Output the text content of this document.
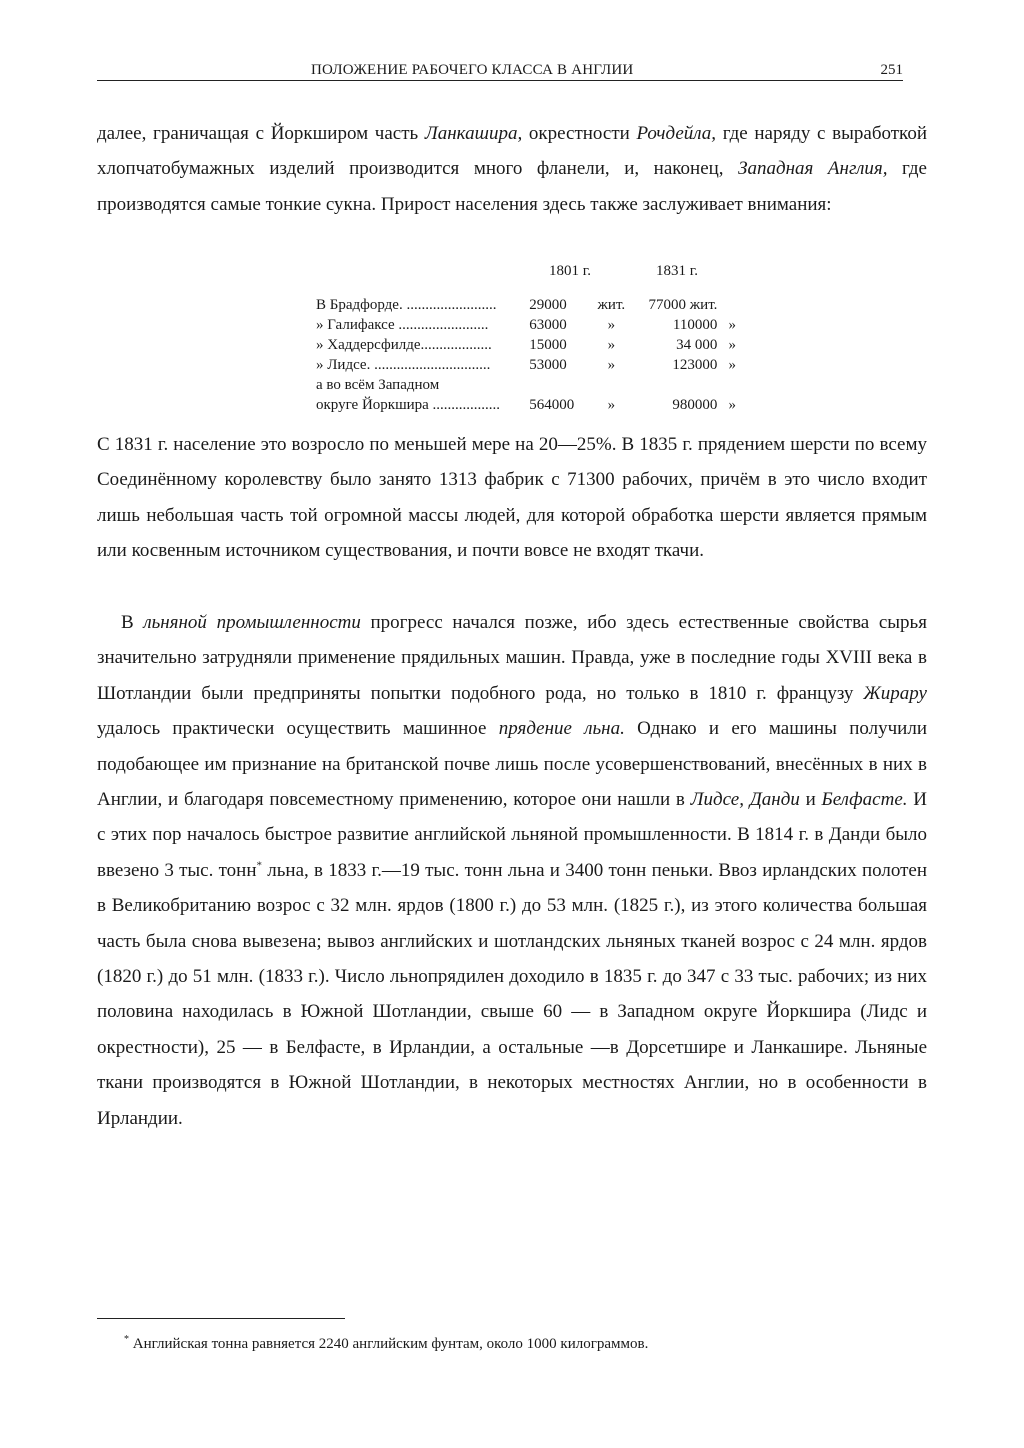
ПОЛОЖЕНИЕ РАБОЧЕГО КЛАССА В АНГЛИИ	251
далее, граничащая с Йоркширом часть Ланкашира, окрестности Рочдейла, где наряду с выработкой хлопчатобумажных изделий производится много фланели, и, наконец, Западная Англия, где производятся самые тонкие сукна. Прирост населения здесь также заслуживает внимания:
1801 г.	1831 г.
В Брадфорде. ........................	29000	жит.	77000 жит.	
» Галифаксе ........................	63000	»	110000	»
» Хаддерсфилде...................	15000	»	34 000	»
» Лидсе. ...............................	53000	»	123000	»
а во всём Западном				
округе Йоркшира ..................	564000	»	980000	»
С 1831 г. население это возросло по меньшей мере на 20—25%. В 1835 г. прядением шерсти по всему Соединённому королевству было занято 1313 фабрик с 71300 рабочих, причём в это число входит лишь небольшая часть той огромной массы людей, для которой обработка шерсти является прямым или косвенным источником существования, и почти вовсе не входят ткачи.
В льняной промышленности прогресс начался позже, ибо здесь естественные свойства сырья значительно затрудняли применение прядильных машин. Правда, уже в последние годы XVIII века в Шотландии были предприняты попытки подобного рода, но только в 1810 г. французу Жирару удалось практически осуществить машинное прядение льна. Однако и его машины получили подобающее им признание на британской почве лишь после усовершенствований, внесённых в них в Англии, и благодаря повсеместному применению, которое они нашли в Лидсе, Данди и Белфасте. И с этих пор началось быстрое развитие английской льняной промышленности. В 1814 г. в Данди было ввезено 3 тыс. тонн* льна, в 1833 г.—19 тыс. тонн льна и 3400 тонн пеньки. Ввоз ирландских полотен в Великобританию возрос с 32 млн. ярдов (1800 г.) до 53 млн. (1825 г.), из этого количества большая часть была снова вывезена; вывоз английских и шотландских льняных тканей возрос с 24 млн. ярдов (1820 г.) до 51 млн. (1833 г.). Число льнопрядилен доходило в 1835 г. до 347 с 33 тыс. рабочих; из них половина находилась в Южной Шотландии, свыше 60 — в Западном округе Йоркшира (Лидс и окрестности), 25 — в Белфасте, в Ирландии, а остальные —в Дорсетшире и Ланкашире. Льняные ткани производятся в Южной Шотландии, в некоторых местностях Англии, но в особенности в Ирландии.
* Английская тонна равняется 2240 английским фунтам, около 1000 килограммов.
